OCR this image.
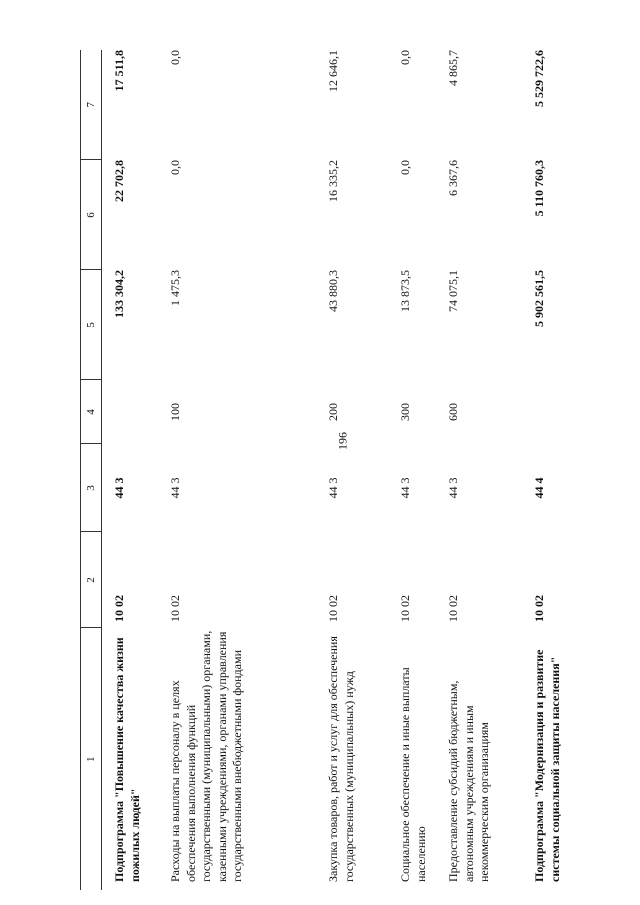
196
1	2	3	4	5	6	7
Подпрограмма "Повышение качества жизни пожилых людей"	10 02	44 3		133 304,2	22 702,8	17 511,8
Расходы на выплаты персоналу в целях обеспечения выполнения функций государственными (муниципальными) органами, казенными учреждениями, органами управления государственными внебюджетными фондами	10 02	44 3	100	1 475,3	0,0	0,0
Закупка товаров, работ и услуг для обеспечения государственных (муниципальных) нужд	10 02	44 3	200	43 880,3	16 335,2	12 646,1
Социальное обеспечение и иные выплаты населению	10 02	44 3	300	13 873,5	0,0	0,0
Предоставление субсидий бюджетным, автономным учреждениям и иным некоммерческим организациям	10 02	44 3	600	74 075,1	6 367,6	4 865,7
Подпрограмма "Модернизация и развитие системы социальной защиты населения"	10 02	44 4		5 902 561,5	5 110 760,3	5 529 722,6
